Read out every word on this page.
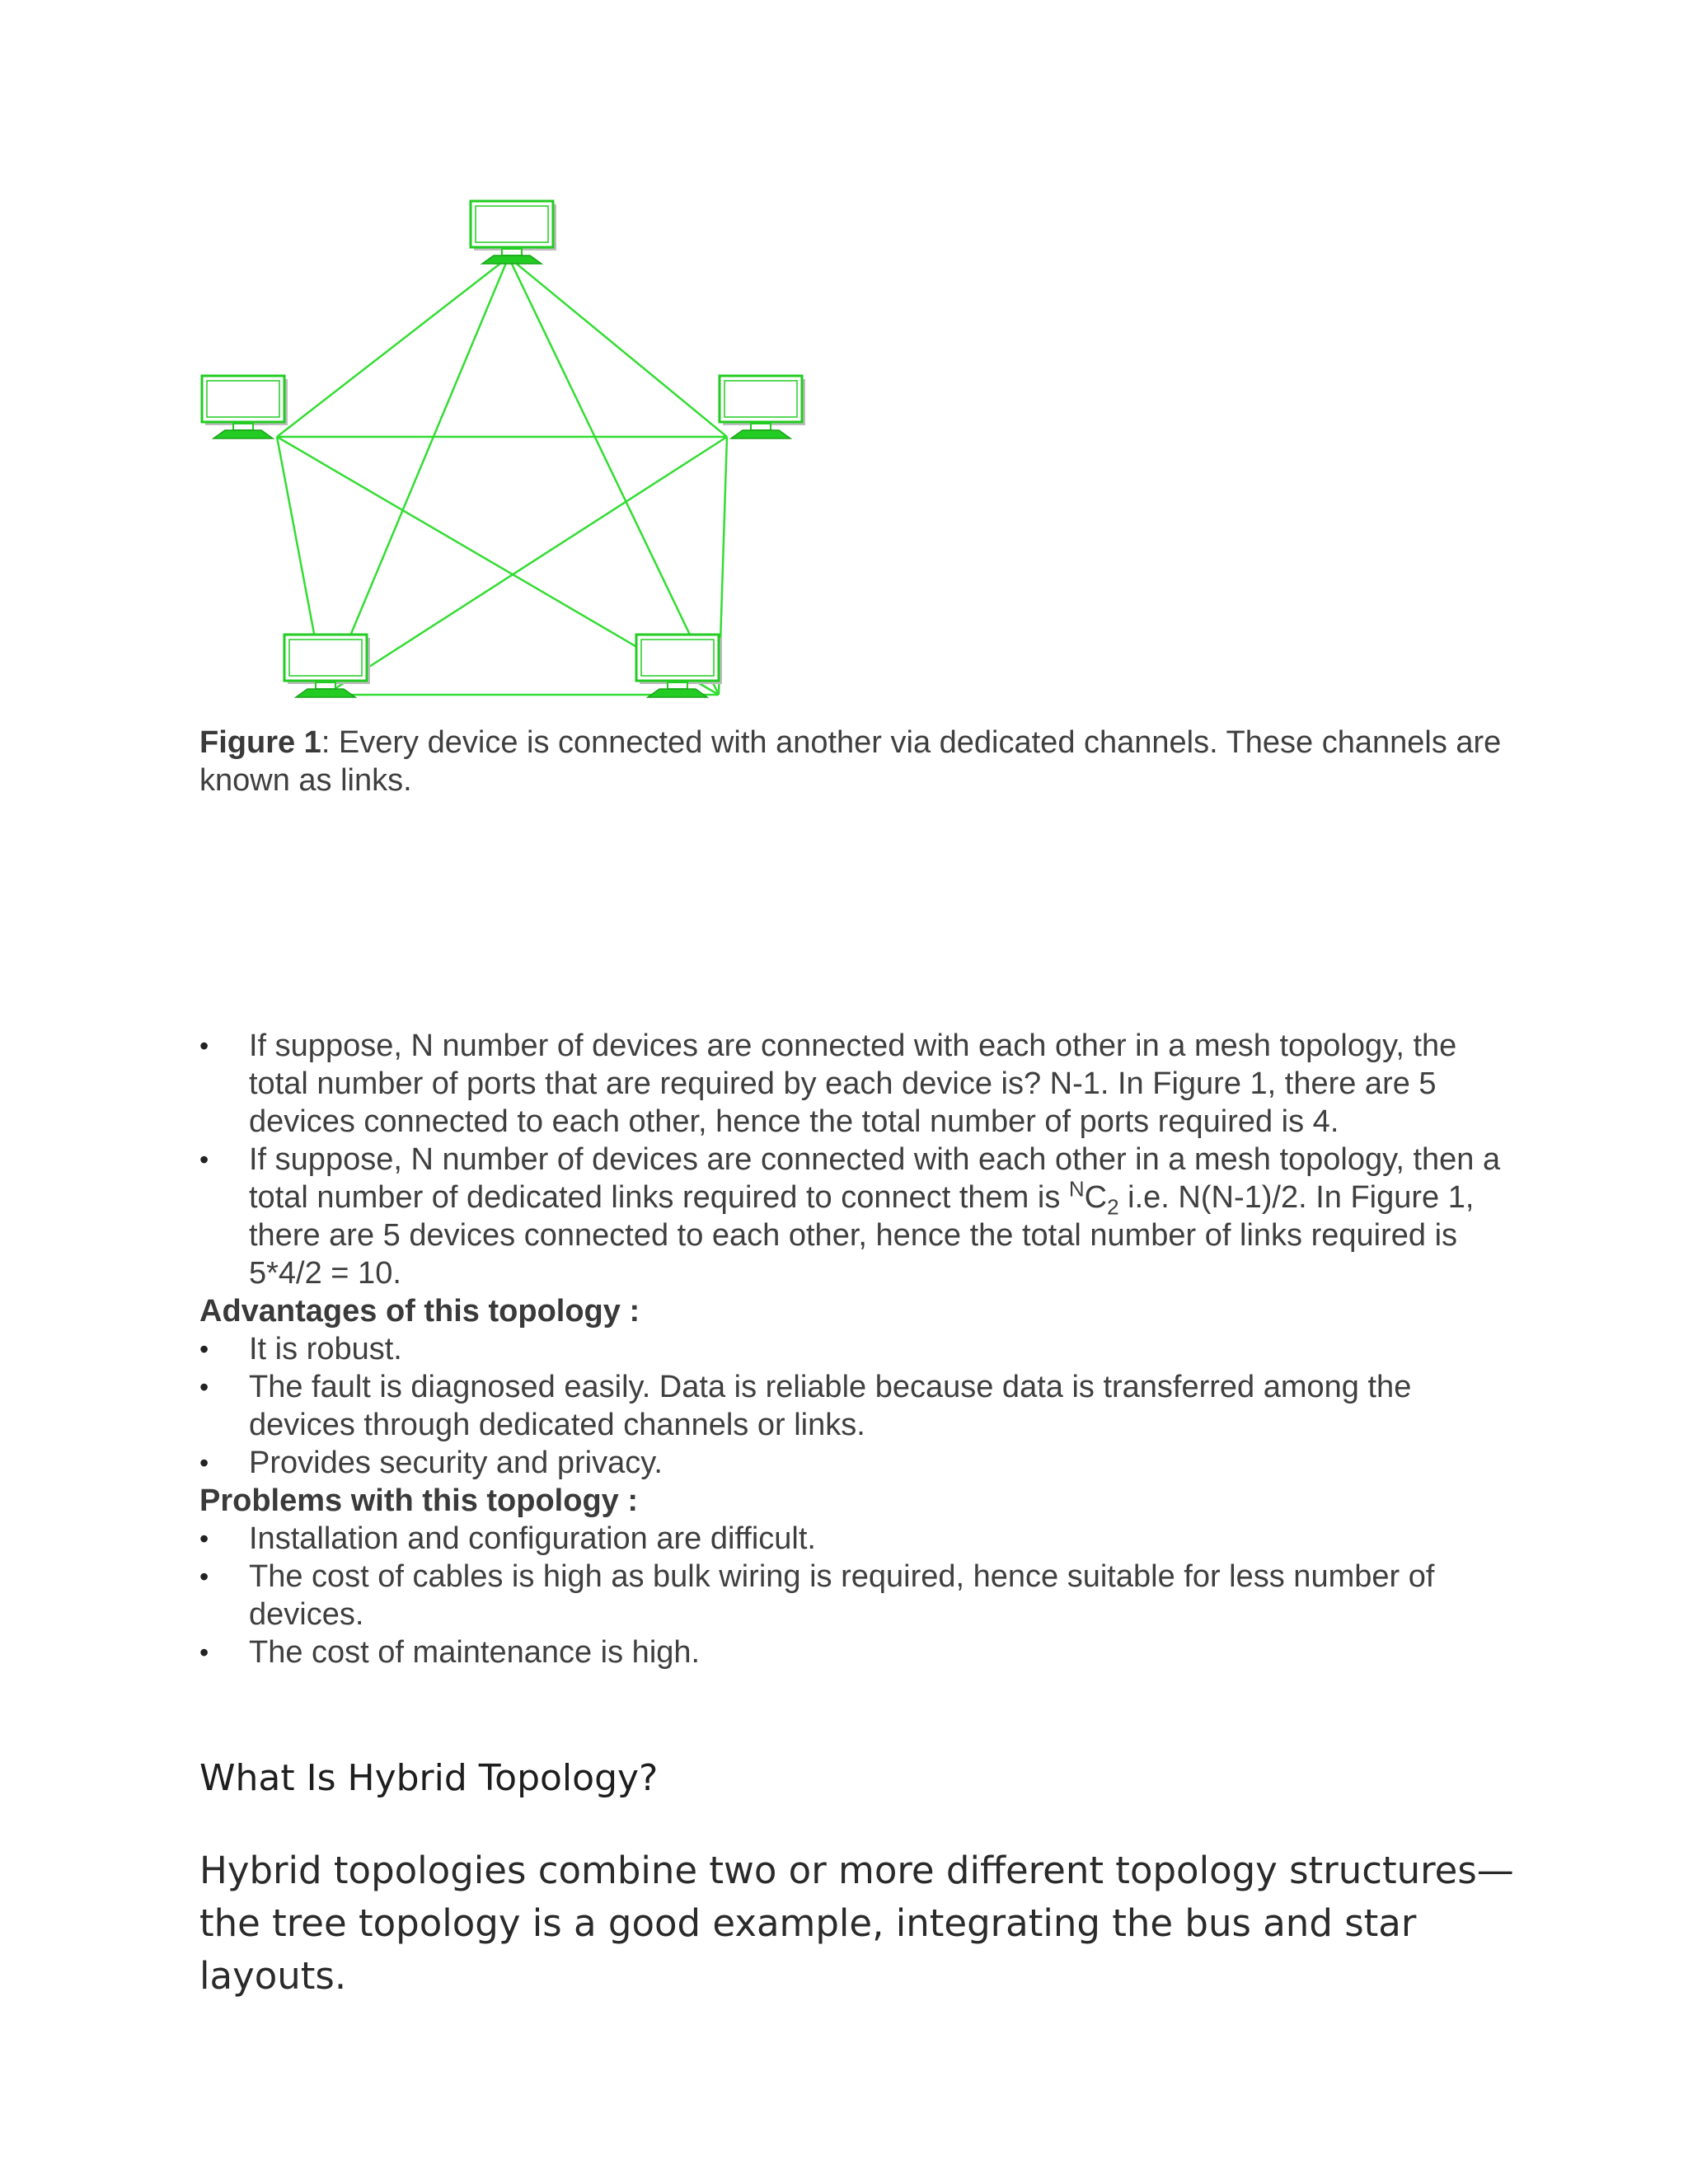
Figure 1: Every device is connected with another via dedicated channels. These channels are known as links.
• If suppose, N number of devices are connected with each other in a mesh topology, the total number of ports that are required by each device is? N-1. In Figure 1, there are 5 devices connected to each other, hence the total number of ports required is 4.
• If suppose, N number of devices are connected with each other in a mesh topology, then a total number of dedicated links required to connect them is $^NC_2$ i.e. N(N-1)/2. In Figure 1, there are 5 devices connected to each other, hence the total number of links required is 5*4/2 = 10.
Advantages of this topology :
• It is robust.
• The fault is diagnosed easily. Data is reliable because data is transferred among the devices through dedicated channels or links.
• Provides security and privacy.
Problems with this topology :
• Installation and configuration are difficult.
• The cost of cables is high as bulk wiring is required, hence suitable for less number of devices.
• The cost of maintenance is high.
What Is Hybrid Topology?
Hybrid topologies combine two or more different topology structures—the tree topology is a good example, integrating the bus and star layouts.
